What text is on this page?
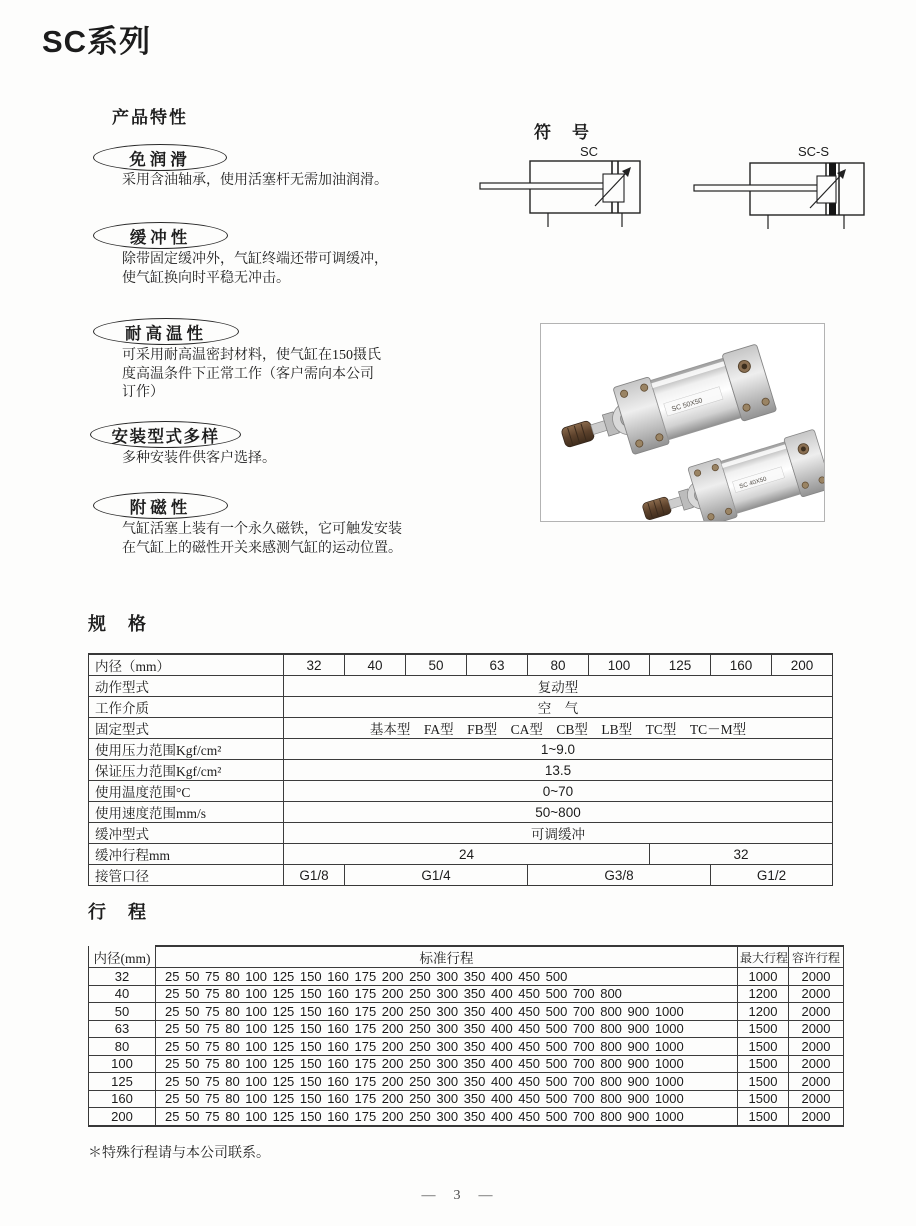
SC系列
产品特性
免润滑
采用含油轴承，使用活塞杆无需加油润滑。
缓冲性
除带固定缓冲外，气缸终端还带可调缓冲，
使气缸换向时平稳无冲击。
耐高温性
可采用耐高温密封材料，使气缸在150摄氏
度高温条件下正常工作（客户需向本公司
订作）
安装型式多样
多种安装件供客户选择。
附磁性
气缸活塞上装有一个永久磁铁，它可触发安装
在气缸上的磁性开关来感测气缸的运动位置。
符　号
SC	SC-S
SC 50X50
SC 40X50
规　格
内径（mm）	32	40	50	63	80	100	125	160	200
动作型式	复动型								
工作介质	空　气								
固定型式	基本型　FA型　FB型　CA型　CB型　LB型　TC型　TC－M型								
使用压力范围Kgf/cm²	1~9.0								
保证压力范围Kgf/cm²	13.5								
使用温度范围°C	0~70								
使用速度范围mm/s	50~800								
缓冲型式	可调缓冲								
缓冲行程mm	24						32		
接管口径	G1/8	G1/4			G3/8			G1/2	
行　程
内径(mm)	标准行程	最大行程	容许行程
32	25 50 75 80 100 125 150 160 175 200 250 300 350 400 450 500	1000	2000
40	25 50 75 80 100 125 150 160 175 200 250 300 350 400 450 500 700 800	1200	2000
50	25 50 75 80 100 125 150 160 175 200 250 300 350 400 450 500 700 800 900 1000	1200	2000
63	25 50 75 80 100 125 150 160 175 200 250 300 350 400 450 500 700 800 900 1000	1500	2000
80	25 50 75 80 100 125 150 160 175 200 250 300 350 400 450 500 700 800 900 1000	1500	2000
100	25 50 75 80 100 125 150 160 175 200 250 300 350 400 450 500 700 800 900 1000	1500	2000
125	25 50 75 80 100 125 150 160 175 200 250 300 350 400 450 500 700 800 900 1000	1500	2000
160	25 50 75 80 100 125 150 160 175 200 250 300 350 400 450 500 700 800 900 1000	1500	2000
200	25 50 75 80 100 125 150 160 175 200 250 300 350 400 450 500 700 800 900 1000	1500	2000
＊特殊行程请与本公司联系。
—　3　—
